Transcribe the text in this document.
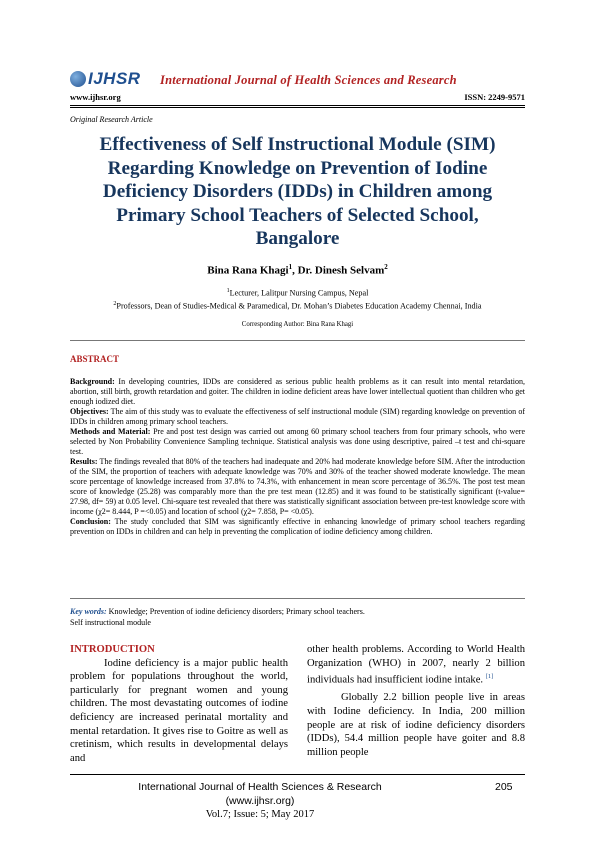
IJHSR International Journal of Health Sciences and Research
www.ijhsr.org	ISSN: 2249-9571
Original Research Article
Effectiveness of Self Instructional Module (SIM) Regarding Knowledge on Prevention of Iodine Deficiency Disorders (IDDs) in Children among Primary School Teachers of Selected School, Bangalore
Bina Rana Khagi$^1$, Dr. Dinesh Selvam$^2$
$^1$Lecturer, Lalitpur Nursing Campus, Nepal
$^2$Professors, Dean of Studies-Medical & Paramedical, Dr. Mohan’s Diabetes Education Academy Chennai, India
Corresponding Author: Bina Rana Khagi
ABSTRACT

Background: In developing countries, IDDs are considered as serious public health problems as it can result into mental retardation, abortion, still birth, growth retardation and goiter. The children in iodine deficient areas have lower intellectual quotient than children who get enough iodized diet.

Objectives: The aim of this study was to evaluate the effectiveness of self instructional module (SIM) regarding knowledge on prevention of IDDs in children among primary school teachers.

Methods and Material: Pre and post test design was carried out among 60 primary school teachers from four primary schools, who were selected by Non Probability Convenience Sampling technique. Statistical analysis was done using descriptive, paired –t test and chi-square test.

Results: The findings revealed that 80% of the teachers had inadequate and 20% had moderate knowledge before SIM. After the introduction of the SIM, the proportion of teachers with adequate knowledge was 70% and 30% of the teacher showed moderate knowledge. The mean score percentage of knowledge increased from 37.8% to 74.3%, with enhancement in mean score percentage of 36.5%. The post test mean score of knowledge (25.28) was comparably more than the pre test mean (12.85) and it was found to be statistically significant (t-value= 27.98, df= 59) at 0.05 level. Chi-square test revealed that there was statistically significant association between pre-test knowledge score with income (χ2= 8.444, P =<0.05) and location of school (χ2= 7.858, P= <0.05).

Conclusion: The study concluded that SIM was significantly effective in enhancing knowledge of primary school teachers regarding prevention on IDDs in children and can help in preventing the complication of iodine deficiency among children.

Key words: Knowledge; Prevention of iodine deficiency disorders; Primary school teachers.
Self instructional module
INTRODUCTION

Iodine deficiency is a major public health problem for populations throughout the world, particularly for pregnant women and young children. The most devastating outcomes of iodine deficiency are increased perinatal mortality and mental retardation. It gives rise to Goitre as well as cretinism, which results in developmental delays and

other health problems. According to World Health Organization (WHO) in 2007, nearly 2 billion individuals had insufficient iodine intake. [1]

Globally 2.2 billion people live in areas with Iodine deficiency. In India, 200 million people are at risk of iodine deficiency disorders (IDDs), 54.4 million people have goiter and 8.8 million people

International Journal of Health Sciences & Research (www.ijhsr.org)
Vol.7; Issue: 5; May 2017
205
